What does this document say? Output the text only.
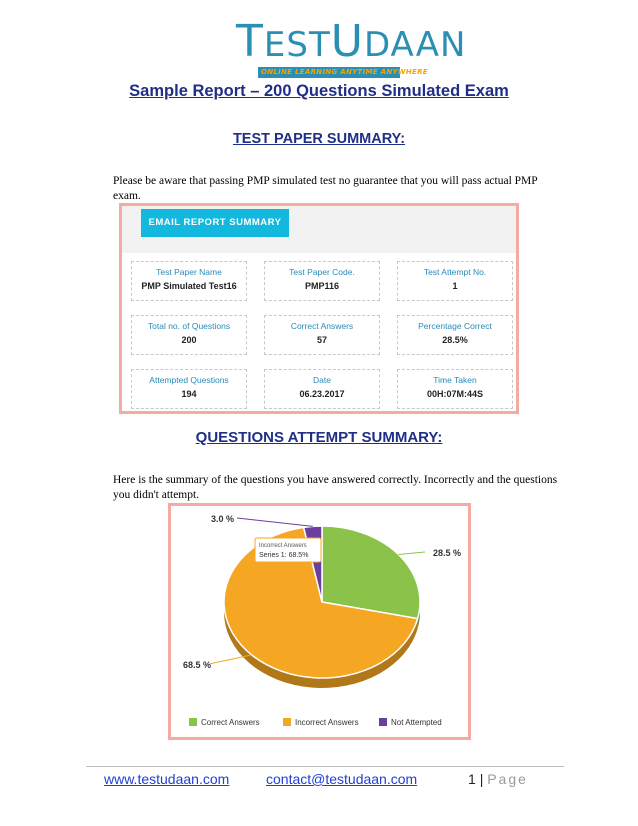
TESTUDAAN
ONLINE LEARNING ANYTIME ANYWHERE
Sample Report – 200 Questions Simulated Exam
TEST PAPER SUMMARY:
Please be aware that passing PMP simulated test no guarantee that you will pass actual PMP exam.
EMAIL REPORT SUMMARY
Test Paper Name
PMP Simulated Test16
Test Paper Code.
PMP116
Test Attempt No.
1
Total no. of Questions
200
Correct Answers
57
Percentage Correct
28.5%
Attempted Questions
194
Date
06.23.2017
Time Taken
00H:07M:44S
QUESTIONS ATTEMPT SUMMARY:
Here is the summary of the questions you have answered correctly. Incorrectly and the questions you didn't attempt.
28.5 %
68.5 %
3.0 %
Incorrect Answers
Series 1: 68.5%
Correct Answers	Incorrect Answers	Not Attempted
www.testudaan.com	contact@testudaan.com	1 | Page
